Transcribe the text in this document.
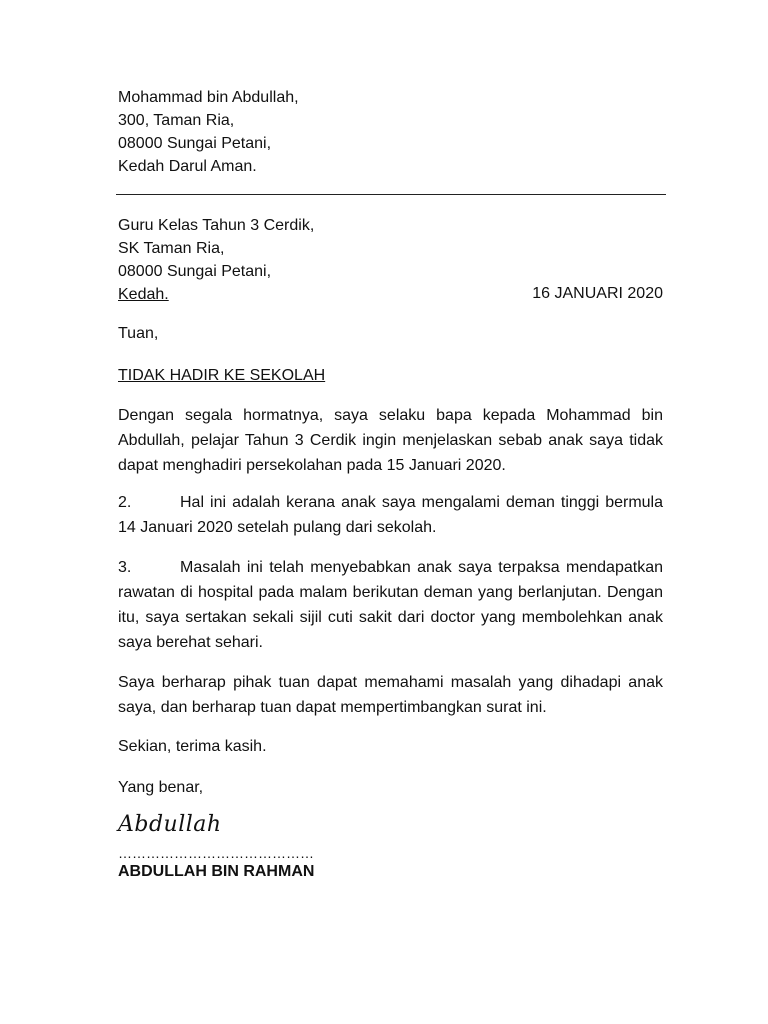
Mohammad bin Abdullah,
300, Taman Ria,
08000 Sungai Petani,
Kedah Darul Aman.
Guru Kelas Tahun 3 Cerdik,
SK Taman Ria,
08000 Sungai Petani,
Kedah.	16 JANUARI 2020
Tuan,
TIDAK HADIR KE SEKOLAH

Dengan segala hormatnya, saya selaku bapa kepada Mohammad bin Abdullah, pelajar Tahun 3 Cerdik ingin menjelaskan sebab anak saya tidak dapat menghadiri persekolahan pada 15 Januari 2020.

2.	Hal ini adalah kerana anak saya mengalami deman tinggi bermula 14 Januari 2020 setelah pulang dari sekolah.

3.	Masalah ini telah menyebabkan anak saya terpaksa mendapatkan rawatan di hospital pada malam berikutan deman yang berlanjutan. Dengan itu, saya sertakan sekali sijil cuti sakit dari doctor yang membolehkan anak saya berehat sehari.

Saya berharap pihak tuan dapat memahami masalah yang dihadapi anak saya, dan berharap tuan dapat mempertimbangkan surat ini.

Sekian, terima kasih.
Yang benar,
Abdullah
……………………………………
ABDULLAH BIN RAHMAN
